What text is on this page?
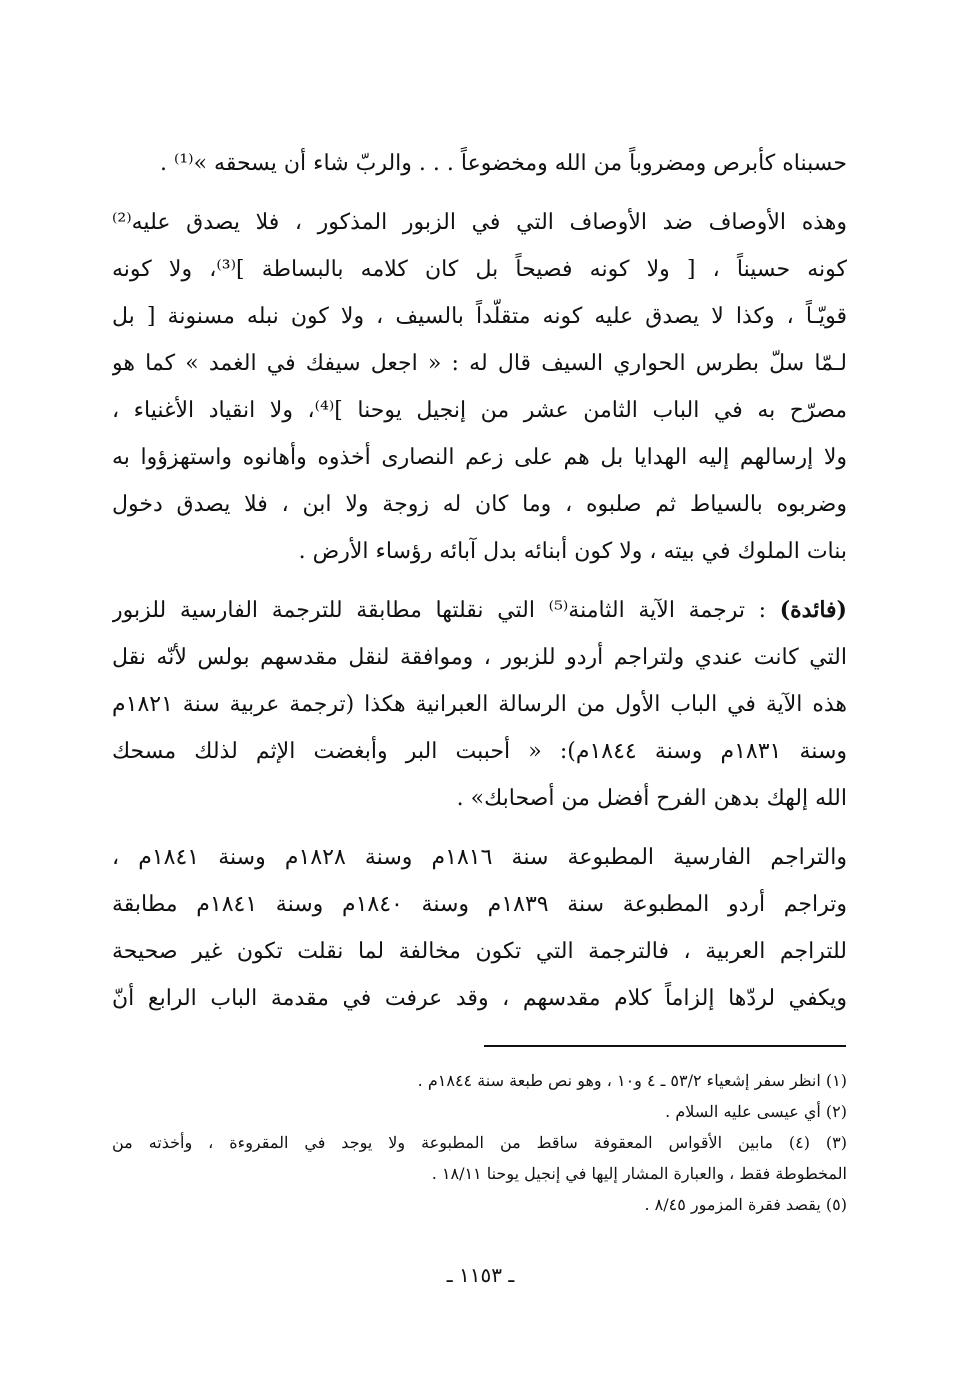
حسبناه كأبرص ومضروباً من الله ومخضوعاً . . . والربّ شاء أن يسحقه »⁽¹⁾ .
وهذه الأوصاف ضد الأوصاف التي في الزبور المذكور ، فلا يصدق عليه⁽²⁾
كونه حسيناً ، [ ولا كونه فصيحاً بل كان كلامه بالبساطة ]⁽³⁾، ولا كونه
قويّـاً ، وكذا لا يصدق عليه كونه متقلّداً بالسيف ، ولا كون نبله مسنونة [ بل
لـمّا سلّ بطرس الحواري السيف قال له : « اجعل سيفك في الغمد » كما هو
مصرّح به في الباب الثامن عشر من إنجيل يوحنا ]⁽⁴⁾، ولا انقياد الأغنياء ،
ولا إرسالهم إليه الهدايا بل هم على زعم النصارى أخذوه وأهانوه واستهزؤوا به
وضربوه بالسياط ثم صلبوه ، وما كان له زوجة ولا ابن ، فلا يصدق دخول
بنات الملوك في بيته ، ولا كون أبنائه بدل آبائه رؤساء الأرض .
(فائدة) : ترجمة الآية الثامنة⁽⁵⁾ التي نقلتها مطابقة للترجمة الفارسية للزبور
التي كانت عندي ولتراجم أردو للزبور ، وموافقة لنقل مقدسهم بولس لأنّه نقل
هذه الآية في الباب الأول من الرسالة العبرانية هكذا (ترجمة عربية سنة ١٨٢١م
وسنة ١٨٣١م وسنة ١٨٤٤م): « أحببت البر وأبغضت الإثم لذلك مسحك
الله إلهك بدهن الفرح أفضل من أصحابك» .
والتراجم الفارسية المطبوعة سنة ١٨١٦م وسنة ١٨٢٨م وسنة ١٨٤١م ،
وتراجم أردو المطبوعة سنة ١٨٣٩م وسنة ١٨٤٠م وسنة ١٨٤١م مطابقة
للتراجم العربية ، فالترجمة التي تكون مخالفة لما نقلت تكون غير صحيحة
ويكفي لردّها إلزاماً كلام مقدسهم ، وقد عرفت في مقدمة الباب الرابع أنّ
(١) انظر سفر إشعياء ٥٣/٢ ـ ٤ و١٠ ، وهو نص طبعة سنة ١٨٤٤م .
(٢) أي عيسى عليه السلام .
(٣) (٤) مابين الأقواس المعقوفة ساقط من المطبوعة ولا يوجد في المقروءة ، وأخذته من
المخطوطة فقط ، والعبارة المشار إليها في إنجيل يوحنا ١٨/١١ .
(٥) يقصد فقرة المزمور ٨/٤٥ .
ـ ١١٥٣ ـ
